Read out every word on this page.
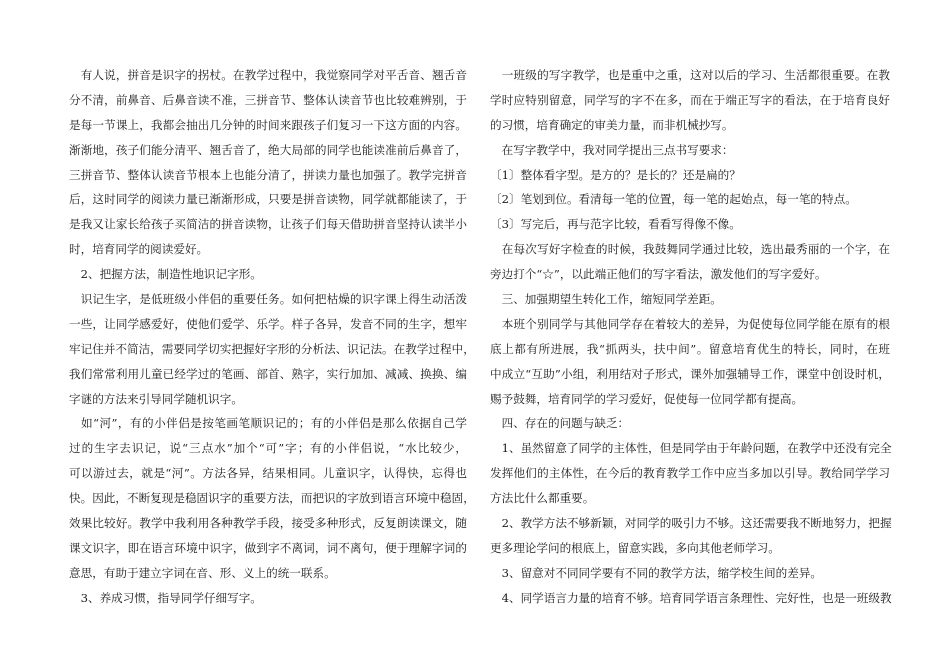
　有人说，拼音是识字的拐杖。在教学过程中，我觉察同学对平舌音、翘舌音
分不清，前鼻音、后鼻音读不准，三拼音节、整体认读音节也比较难辨别，于
是每一节课上，我都会抽出几分钟的时间来跟孩子们复习一下这方面的内容。
渐渐地，孩子们能分清平、翘舌音了，绝大局部的同学也能读准前后鼻音了，
三拼音节、整体认读音节根本上也能分清了，拼读力量也加强了。教学完拼音
后，这时同学的阅读力量已渐渐形成，只要是拼音读物，同学就都能读了，于
是我又让家长给孩子买简洁的拼音读物，让孩子们每天借助拼音坚持认读半小
时，培育同学的阅读爱好。
　2、把握方法，制造性地识记字形。
　识记生字，是低班级小伴侣的重要任务。如何把枯燥的识字课上得生动活泼
一些，让同学感爱好，使他们爱学、乐学。样子各异，发音不同的生字，想牢
牢记住并不简洁，需要同学切实把握好字形的分析法、识记法。在教学过程中，
我们常常利用儿童已经学过的笔画、部首、熟字，实行加加、减减、换换、编
字谜的方法来引导同学随机识字。
　如“河”，有的小伴侣是按笔画笔顺识记的；有的小伴侣是那么依据自己学
过的生字去识记，说“三点水”加个“可”字；有的小伴侣说，“水比较少，
可以游过去，就是“河”。方法各异，结果相同。儿童识字，认得快，忘得也
快。因此，不断复现是稳固识字的重要方法，而把识的字放到语言环境中稳固，
效果比较好。教学中我利用各种教学手段，接受多种形式，反复朗读课文，随
课文识字，即在语言环境中识字，做到字不离词，词不离句，便于理解字词的
意思，有助于建立字词在音、形、义上的统一联系。
　3、养成习惯，指导同学仔细写字。
　一班级的写字教学，也是重中之重，这对以后的学习、生活都很重要。在教
学时应特别留意，同学写的字不在多，而在于端正写字的看法，在于培育良好
的习惯，培育确定的审美力量，而非机械抄写。
　在写字教学中，我对同学提出三点书写要求：
〔1〕整体看字型。是方的？是长的？还是扁的？
〔2〕笔划到位。看清每一笔的位置，每一笔的起始点，每一笔的特点。
〔3〕写完后，再与范字比较，看看写得像不像。
　在每次写好字检查的时候，我鼓舞同学通过比较，选出最秀丽的一个字，在
旁边打个“☆”，以此端正他们的写字看法，激发他们的写字爱好。
　三、加强期望生转化工作，缩短同学差距。
　本班个别同学与其他同学存在着较大的差异，为促使每位同学能在原有的根
底上都有所进展，我“抓两头，扶中间”。留意培育优生的特长，同时，在班
中成立“互助”小组，利用结对子形式，课外加强辅导工作，课堂中创设时机，
赐予鼓舞，培育同学的学习爱好，促使每一位同学都有提高。
　四、存在的问题与缺乏：
　1、虽然留意了同学的主体性，但是同学由于年龄问题，在教学中还没有完全
发挥他们的主体性，在今后的教育教学工作中应当多加以引导。教给同学学习
方法比什么都重要。
　2、教学方法不够新颖，对同学的吸引力不够。这还需要我不断地努力，把握
更多理论学问的根底上，留意实践，多向其他老师学习。
　3、留意对不同同学要有不同的教学方法，缩学校生间的差异。
　4、同学语言力量的培育不够。培育同学语言条理性、完好性，也是一班级教
